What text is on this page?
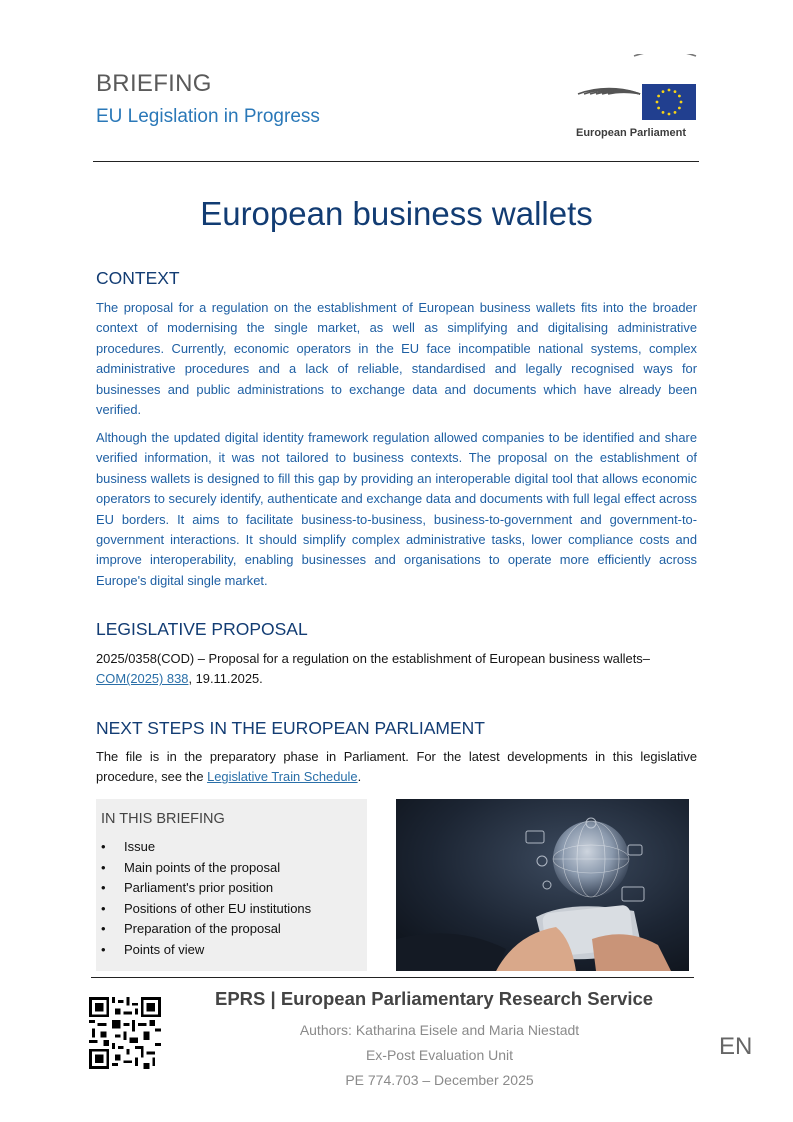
BRIEFING
EU Legislation in Progress
European Parliament
European business wallets
CONTEXT

The proposal for a regulation on the establishment of European business wallets fits into the broader context of modernising the single market, as well as simplifying and digitalising administrative procedures. Currently, economic operators in the EU face incompatible national systems, complex administrative procedures and a lack of reliable, standardised and legally recognised ways for businesses and public administrations to exchange data and documents which have already been verified.

Although the updated digital identity framework regulation allowed companies to be identified and share verified information, it was not tailored to business contexts. The proposal on the establishment of business wallets is designed to fill this gap by providing an interoperable digital tool that allows economic operators to securely identify, authenticate and exchange data and documents with full legal effect across EU borders. It aims to facilitate business-to-business, business-to-government and government-to-government interactions. It should simplify complex administrative tasks, lower compliance costs and improve interoperability, enabling businesses and organisations to operate more efficiently across Europe's digital single market.

LEGISLATIVE PROPOSAL

2025/0358(COD) – Proposal for a regulation on the establishment of European business wallets–
COM(2025) 838, 19.11.2025.

NEXT STEPS IN THE EUROPEAN PARLIAMENT

The file is in the preparatory phase in Parliament. For the latest developments in this legislative procedure, see the Legislative Train Schedule.

IN THIS BRIEFING
• Issue
• Main points of the proposal
• Parliament's prior position
• Positions of other EU institutions
• Preparation of the proposal
• Points of view
EPRS | European Parliamentary Research Service
Authors: Katharina Eisele and Maria Niestadt
Ex-Post Evaluation Unit
PE 774.703 – December 2025
EN
